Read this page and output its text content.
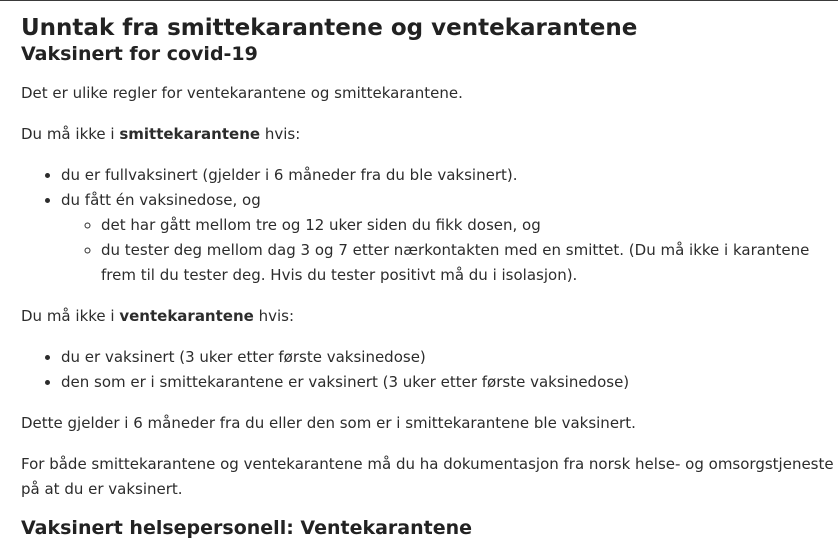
Unntak fra smittekarantene og ventekarantene
Vaksinert for covid-19

Det er ulike regler for ventekarantene og smittekarantene.

Du må ikke i smittekarantene hvis:

• du er fullvaksinert (gjelder i 6 måneder fra du ble vaksinert).
• du fått én vaksinedose, og
◦ det har gått mellom tre og 12 uker siden du fikk dosen, og
◦ du tester deg mellom dag 3 og 7 etter nærkontakten med en smittet. (Du må ikke i karantene frem til du tester deg. Hvis du tester positivt må du i isolasjon).

Du må ikke i ventekarantene hvis:

• du er vaksinert (3 uker etter første vaksinedose)
• den som er i smittekarantene er vaksinert (3 uker etter første vaksinedose)

Dette gjelder i 6 måneder fra du eller den som er i smittekarantene ble vaksinert.

For både smittekarantene og ventekarantene må du ha dokumentasjon fra norsk helse- og omsorgstjeneste på at du er vaksinert.

Vaksinert helsepersonell: Ventekarantene
